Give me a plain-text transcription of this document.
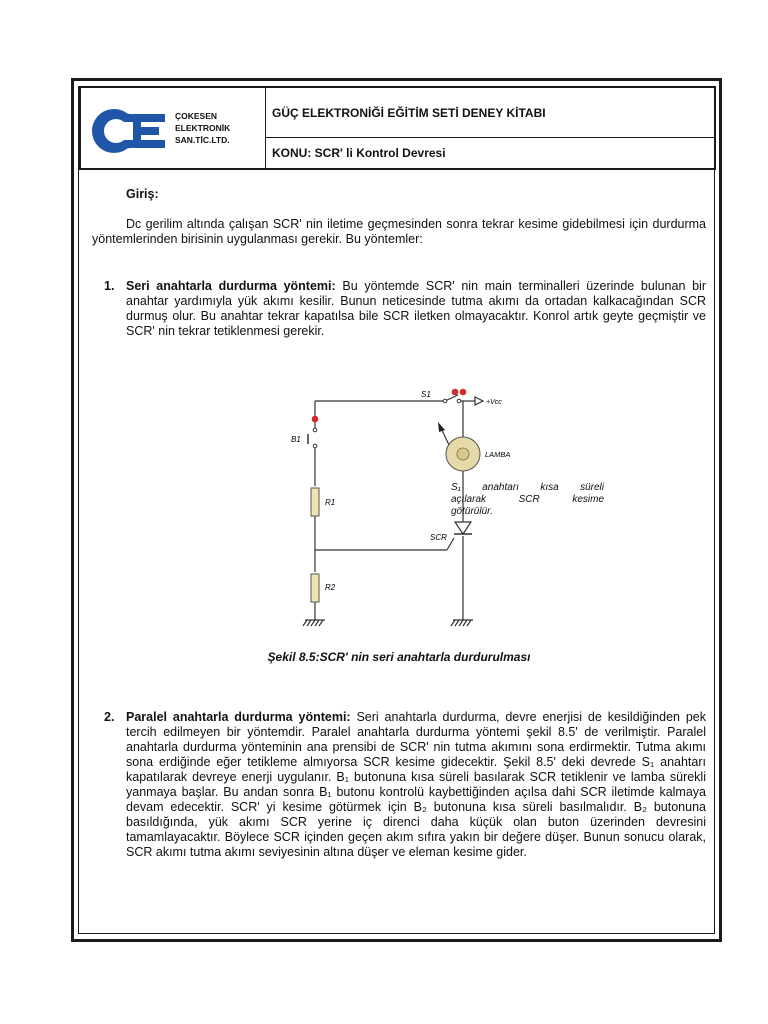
ÇOKESEN
ELEKTRONİK
SAN.TİC.LTD.
GÜÇ ELEKTRONİĞİ EĞİTİM SETİ DENEY KİTABI
KONU: SCR' li Kontrol Devresi
Giriş:
Dc gerilim altında çalışan SCR' nin iletime geçmesinden sonra tekrar kesime gidebilmesi için durdurma yöntemlerinden birisinin uygulanması gerekir. Bu yöntemler:
1. Seri anahtarla durdurma yöntemi: Bu yöntemde SCR' nin main terminalleri üzerinde bulunan bir anahtar yardımıyla yük akımı kesilir. Bunun neticesinde tutma akımı da ortadan kalkacağından SCR durmuş olur. Bu anahtar tekrar kapatılsa bile SCR iletken olmayacaktır. Konrol artık geyte geçmiştir ve SCR' nin tekrar tetiklenmesi gerekir.
S1
+Vcc
B1
LAMBA
R1
SCR
R2
S₁ anahtarı kısa süreli
açılarak SCR kesime
götürülür.
Şekil 8.5:SCR' nin seri anahtarla durdurulması
2. Paralel anahtarla durdurma yöntemi: Seri anahtarla durdurma, devre enerjisi de kesildiğinden pek tercih edilmeyen bir yöntemdir. Paralel anahtarla durdurma yöntemi şekil 8.5' de verilmiştir. Paralel anahtarla durdurma yönteminin ana prensibi de SCR' nin tutma akımını sona erdirmektir. Tutma akımı sona erdiğinde eğer tetikleme almıyorsa SCR kesime gidecektir. Şekil 8.5' deki devrede S₁ anahtarı kapatılarak devreye enerji uygulanır. B₁ butonuna kısa süreli basılarak SCR tetiklenir ve lamba sürekli yanmaya başlar. Bu andan sonra B₁ butonu kontrolü kaybettiğinden açılsa dahi SCR iletimde kalmaya devam edecektir. SCR' yi kesime götürmek için B₂ butonuna kısa süreli basılmalıdır. B₂ butonuna basıldığında, yük akımı SCR yerine iç direnci daha küçük olan buton üzerinden devresini tamamlayacaktır. Böylece SCR içinden geçen akım sıfıra yakın bir değere düşer. Bunun sonucu olarak, SCR akımı tutma akımı seviyesinin altına düşer ve eleman kesime gider.
